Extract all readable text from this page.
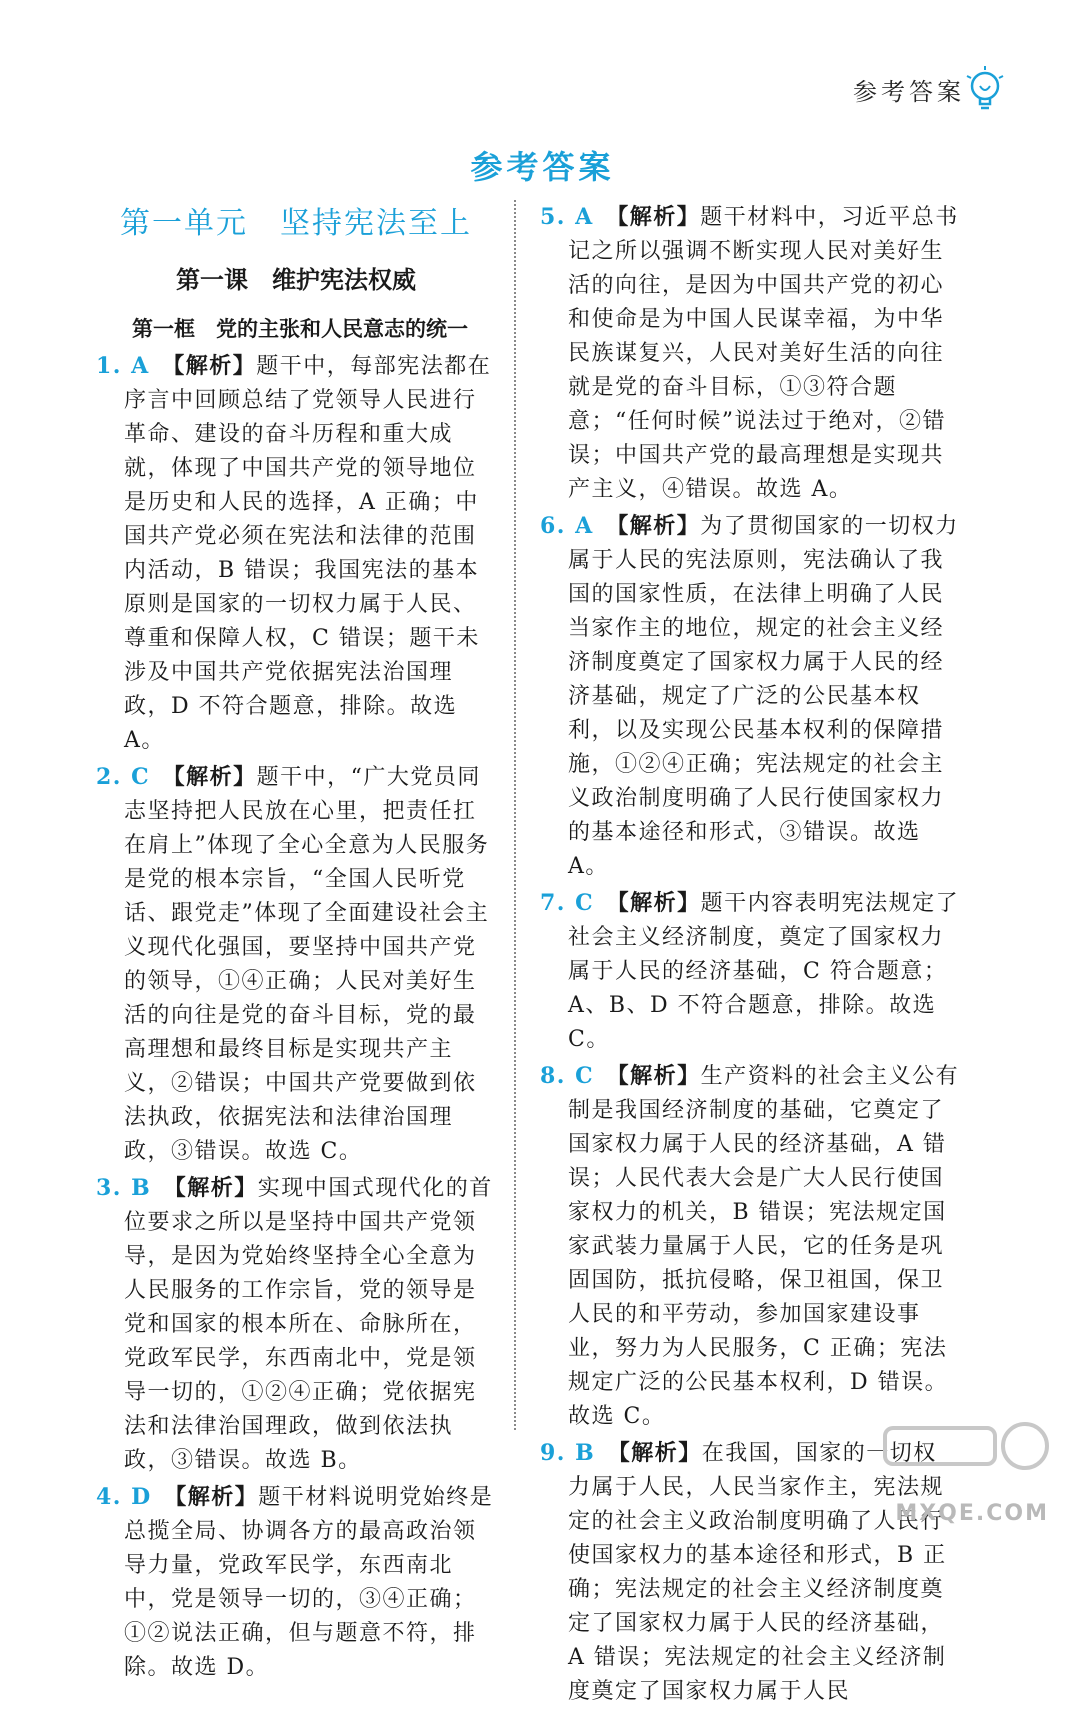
参考答案
参考答案
第一单元　坚持宪法至上
第一课　维护宪法权威
第一框　党的主张和人民意志的统一

1. A　【解析】题干中，每部宪法都在序言中回顾总结了党领导人民进行革命、建设的奋斗历程和重大成就，体现了中国共产党的领导地位是历史和人民的选择，A 正确；中国共产党必须在宪法和法律的范围内活动，B 错误；我国宪法的基本原则是国家的一切权力属于人民、尊重和保障人权，C 错误；题干未涉及中国共产党依据宪法治国理政，D 不符合题意，排除。故选 A。

2. C　【解析】题干中，“广大党员同志坚持把人民放在心里，把责任扛在肩上”体现了全心全意为人民服务是党的根本宗旨，“全国人民听党话、跟党走”体现了全面建设社会主义现代化强国，要坚持中国共产党的领导，①④正确；人民对美好生活的向往是党的奋斗目标，党的最高理想和最终目标是实现共产主义，②错误；中国共产党要做到依法执政，依据宪法和法律治国理政，③错误。故选 C。

3. B　【解析】实现中国式现代化的首位要求之所以是坚持中国共产党领导，是因为党始终坚持全心全意为人民服务的工作宗旨，党的领导是党和国家的根本所在、命脉所在，党政军民学，东西南北中，党是领导一切的，①②④正确；党依据宪法和法律治国理政，做到依法执政，③错误。故选 B。

4. D　【解析】题干材料说明党始终是总揽全局、协调各方的最高政治领导力量，党政军民学，东西南北中，党是领导一切的，③④正确；①②说法正确，但与题意不符，排除。故选 D。

5. A　【解析】题干材料中，习近平总书记之所以强调不断实现人民对美好生活的向往，是因为中国共产党的初心和使命是为中国人民谋幸福，为中华民族谋复兴，人民对美好生活的向往就是党的奋斗目标，①③符合题意；“任何时候”说法过于绝对，②错误；中国共产党的最高理想是实现共产主义，④错误。故选 A。

6. A　【解析】为了贯彻国家的一切权力属于人民的宪法原则，宪法确认了我国的国家性质，在法律上明确了人民当家作主的地位，规定的社会主义经济制度奠定了国家权力属于人民的经济基础，规定了广泛的公民基本权利，以及实现公民基本权利的保障措施，①②④正确；宪法规定的社会主义政治制度明确了人民行使国家权力的基本途径和形式，③错误。故选 A。

7. C　【解析】题干内容表明宪法规定了社会主义经济制度，奠定了国家权力属于人民的经济基础，C 符合题意；A、B、D 不符合题意，排除。故选 C。

8. C　【解析】生产资料的社会主义公有制是我国经济制度的基础，它奠定了国家权力属于人民的经济基础，A 错误；人民代表大会是广大人民行使国家权力的机关，B 错误；宪法规定国家武装力量属于人民，它的任务是巩固国防，抵抗侵略，保卫祖国，保卫人民的和平劳动，参加国家建设事业，努力为人民服务，C 正确；宪法规定广泛的公民基本权利，D 错误。故选 C。

9. B　【解析】在我国，国家的一切权力属于人民，人民当家作主，宪法规定的社会主义政治制度明确了人民行使国家权力的基本途径和形式，B 正确；宪法规定的社会主义经济制度奠定了国家权力属于人民的经济基础，A 错误；宪法规定的社会主义经济制度奠定了国家权力属于人民

MXQE.COM
